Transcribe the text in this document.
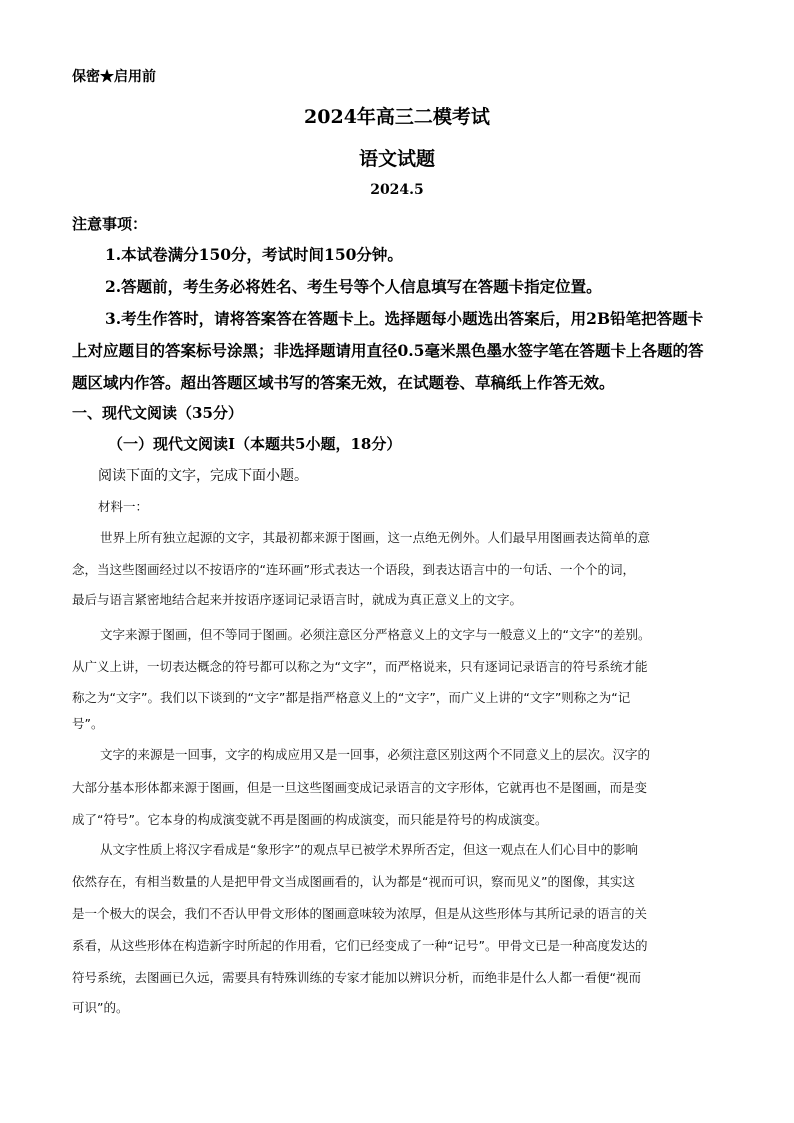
保密★启用前
2024年高三二模考试
语文试题
2024.5
注意事项：
1.本试卷满分150分，考试时间150分钟。
2.答题前，考生务必将姓名、考生号等个人信息填写在答题卡指定位置。
3.考生作答时，请将答案答在答题卡上。选择题每小题选出答案后，用2B铅笔把答题卡
上对应题目的答案标号涂黑；非选择题请用直径0.5毫米黑色墨水签字笔在答题卡上各题的答
题区域内作答。超出答题区域书写的答案无效，在试题卷、草稿纸上作答无效。
一、现代文阅读（35分）
（一）现代文阅读Ⅰ（本题共5小题，18分）
阅读下面的文字，完成下面小题。
材料一：
世界上所有独立起源的文字，其最初都来源于图画，这一点绝无例外。人们最早用图画表达简单的意
念，当这些图画经过以不按语序的“连环画”形式表达一个语段，到表达语言中的一句话、一个个的词，
最后与语言紧密地结合起来并按语序逐词记录语言时，就成为真正意义上的文字。
文字来源于图画，但不等同于图画。必须注意区分严格意义上的文字与一般意义上的“文字”的差别。
从广义上讲，一切表达概念的符号都可以称之为“文字”，而严格说来，只有逐词记录语言的符号系统才能
称之为“文字”。我们以下谈到的“文字”都是指严格意义上的“文字”，而广义上讲的“文字”则称之为“记
号”。
文字的来源是一回事，文字的构成应用又是一回事，必须注意区别这两个不同意义上的层次。汉字的
大部分基本形体都来源于图画，但是一旦这些图画变成记录语言的文字形体，它就再也不是图画，而是变
成了“符号”。它本身的构成演变就不再是图画的构成演变，而只能是符号的构成演变。
从文字性质上将汉字看成是“象形字”的观点早已被学术界所否定，但这一观点在人们心目中的影响
依然存在，有相当数量的人是把甲骨文当成图画看的，认为都是“视而可识，察而见义”的图像，其实这
是一个极大的误会，我们不否认甲骨文形体的图画意味较为浓厚，但是从这些形体与其所记录的语言的关
系看，从这些形体在构造新字时所起的作用看，它们已经变成了一种“记号”。甲骨文已是一种高度发达的
符号系统，去图画已久远，需要具有特殊训练的专家才能加以辨识分析，而绝非是什么人都一看便“视而
可识”的。
